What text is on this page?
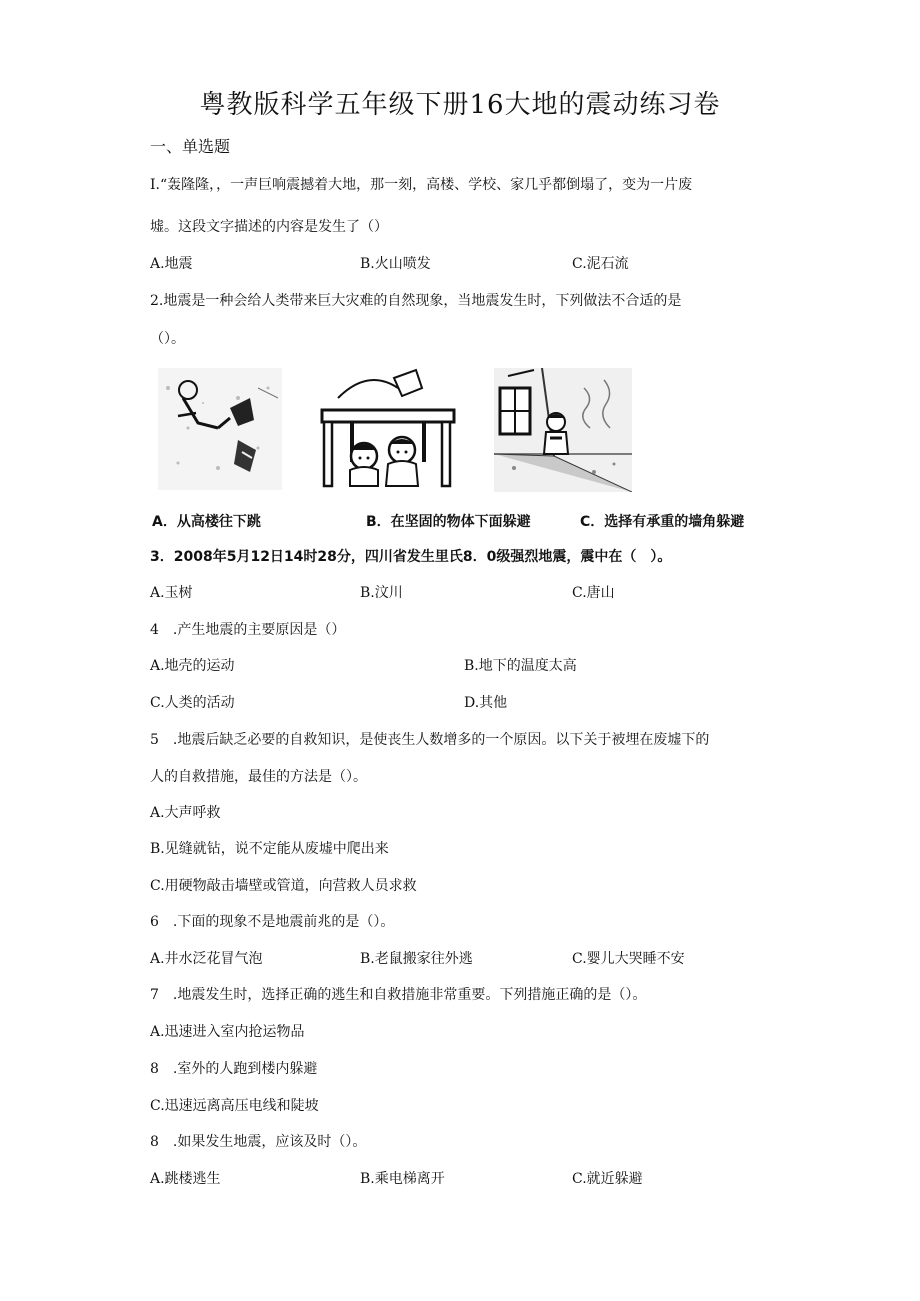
粤教版科学五年级下册16大地的震动练习卷
一、单选题
I.“轰隆隆，，一声巨响震撼着大地，那一刻，高楼、学校、家几乎都倒塌了，变为一片废
墟。这段文字描述的内容是发生了（）
A.地震	B.火山喷发	C.泥石流
2.地震是一种会给人类带来巨大灾难的自然现象，当地震发生时，下列做法不合适的是
（）。
A．从高楼往下跳	B．在坚固的物体下面躲避	C．选择有承重的墙角躲避
3．2008年5月12日14时28分，四川省发生里氏8．0级强烈地震，震中在（　）。
A.玉树	B.汶川	C.唐山
4　.产生地震的主要原因是（）
A.地壳的运动	B.地下的温度太高
C.人类的活动	D.其他
5　.地震后缺乏必要的自救知识，是使丧生人数增多的一个原因。以下关于被埋在废墟下的
人的自救措施，最佳的方法是（）。
A.大声呼救
B.见缝就钻，说不定能从废墟中爬出来
C.用硬物敲击墙壁或管道，向营救人员求救
6　.下面的现象不是地震前兆的是（）。
A.井水泛花冒气泡	B.老鼠搬家往外逃	C.婴儿大哭睡不安
7　.地震发生时，选择正确的逃生和自救措施非常重要。下列措施正确的是（）。
A.迅速进入室内抢运物品
8　.室外的人跑到楼内躲避
C.迅速远离高压电线和陡坡
8　.如果发生地震，应该及时（）。
A.跳楼逃生	B.乘电梯离开	C.就近躲避
